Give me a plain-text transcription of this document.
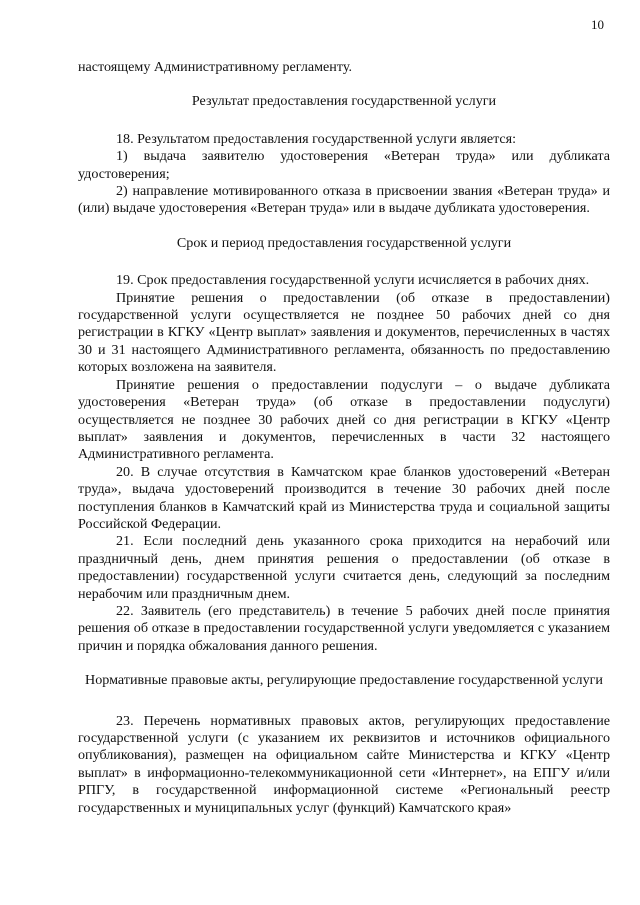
10

настоящему Административному регламенту.

Результат предоставления государственной услуги

18. Результатом предоставления государственной услуги является:

1) выдача заявителю удостоверения «Ветеран труда» или дубликата удостоверения;

2) направление мотивированного отказа в присвоении звания «Ветеран труда» и (или) выдаче удостоверения «Ветеран труда» или в выдаче дубликата удостоверения.

Срок и период предоставления государственной услуги

19. Срок предоставления государственной услуги исчисляется в рабочих днях.

Принятие решения о предоставлении (об отказе в предоставлении) государственной услуги осуществляется не позднее 50 рабочих дней со дня регистрации в КГКУ «Центр выплат» заявления и документов, перечисленных в частях 30 и 31 настоящего Административного регламента, обязанность по предоставлению которых возложена на заявителя.

Принятие решения о предоставлении подуслуги – о выдаче дубликата удостоверения «Ветеран труда» (об отказе в предоставлении подуслуги) осуществляется не позднее 30 рабочих дней со дня регистрации в КГКУ «Центр выплат» заявления и документов, перечисленных в части 32 настоящего Административного регламента.

20. В случае отсутствия в Камчатском крае бланков удостоверений «Ветеран труда», выдача удостоверений производится в течение 30 рабочих дней после поступления бланков в Камчатский край из Министерства труда и социальной защиты Российской Федерации.

21. Если последний день указанного срока приходится на нерабочий или праздничный день, днем принятия решения о предоставлении (об отказе в предоставлении) государственной услуги считается день, следующий за последним нерабочим или праздничным днем.

22. Заявитель (его представитель) в течение 5 рабочих дней после принятия решения об отказе в предоставлении государственной услуги уведомляется с указанием причин и порядка обжалования данного решения.

Нормативные правовые акты, регулирующие предоставление государственной услуги

23. Перечень нормативных правовых актов, регулирующих предоставление государственной услуги (с указанием их реквизитов и источников официального опубликования), размещен на официальном сайте Министерства и КГКУ «Центр выплат» в информационно-телекоммуникационной сети «Интернет», на ЕПГУ и/или РПГУ, в государственной информационной системе «Региональный реестр государственных и муниципальных услуг (функций) Камчатского края»
